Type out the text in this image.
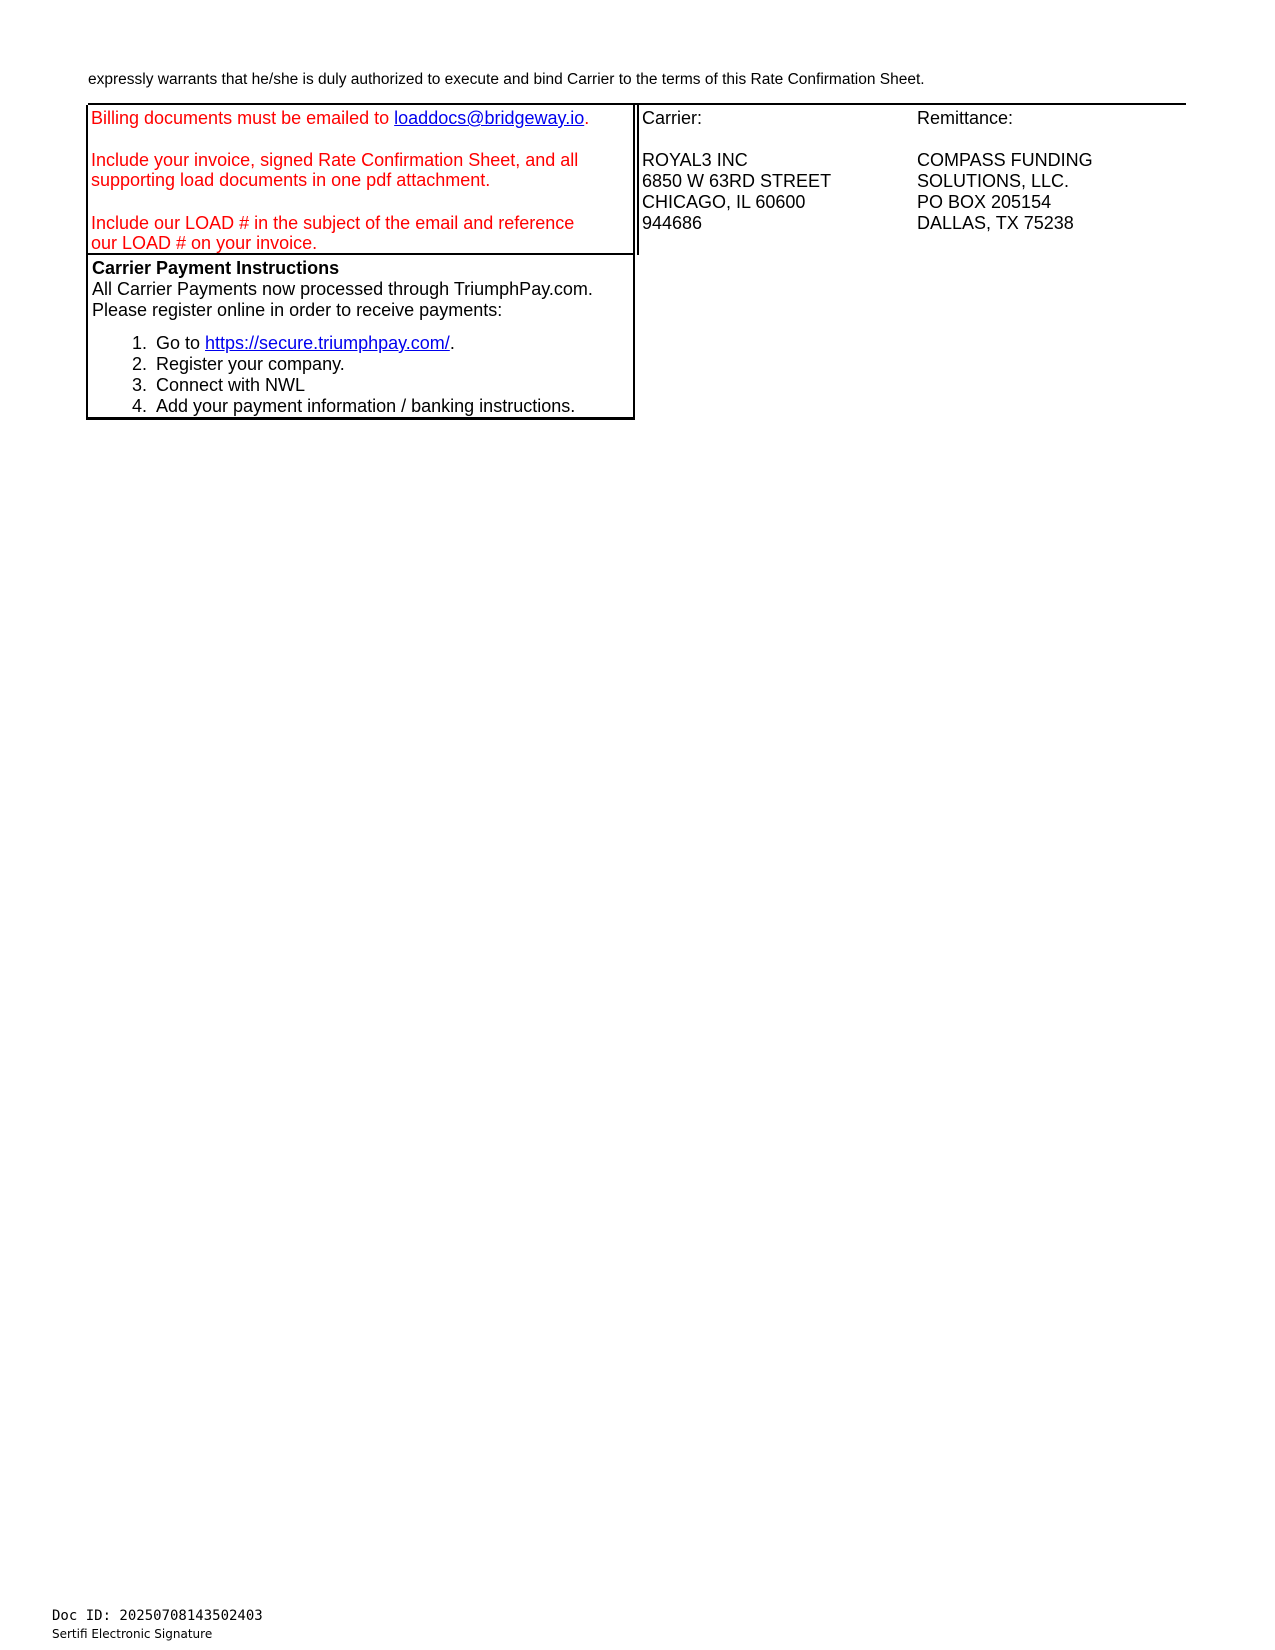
expressly warrants that he/she is duly authorized to execute and bind Carrier to the terms of this Rate Confirmation Sheet.
Billing documents must be emailed to loaddocs@bridgeway.io.
Include your invoice, signed Rate Confirmation Sheet, and all
supporting load documents in one pdf attachment.
Include our LOAD # in the subject of the email and reference
our LOAD # on your invoice.
Carrier Payment Instructions
All Carrier Payments now processed through TriumphPay.com.
Please register online in order to receive payments:
1. Go to https://secure.triumphpay.com/.
2. Register your company.
3. Connect with NWL
4. Add your payment information / banking instructions.
Carrier:
ROYAL3 INC
6850 W 63RD STREET
CHICAGO, IL 60600
944686
Remittance:
COMPASS FUNDING
SOLUTIONS, LLC.
PO BOX 205154
DALLAS, TX 75238
Doc ID: 20250708143502403
Sertifi Electronic Signature
